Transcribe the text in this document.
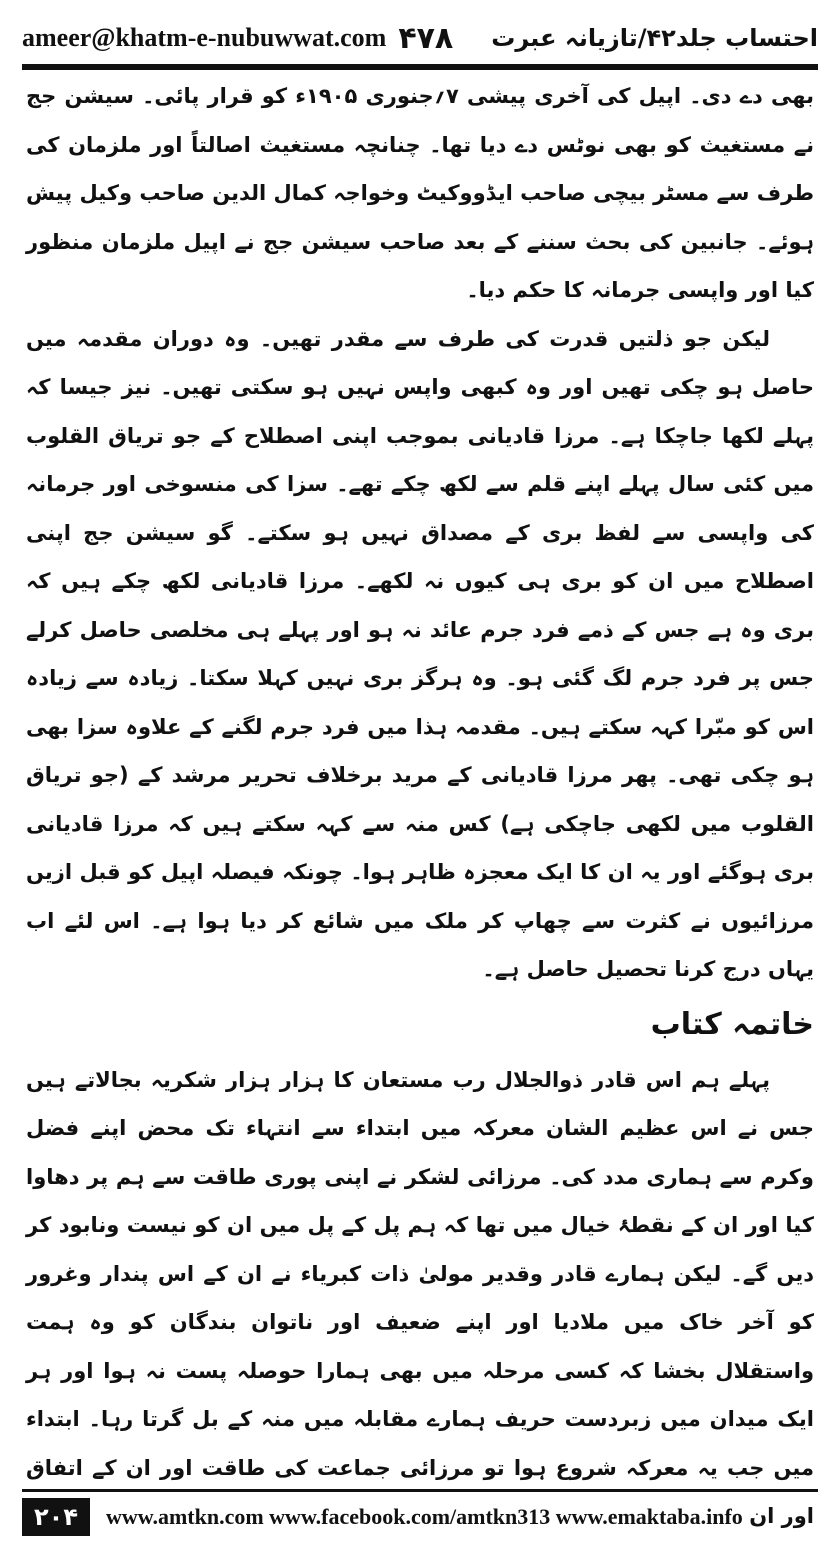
ameer@khatm-e-nubuwwat.com ۴۷۸ احتساب جلد۴۲/تازیانہ عبرت

بھی دے دی۔ اپیل کی آخری پیشی ۷؍جنوری ۱۹۰۵ء کو قرار پائی۔ سیشن جج نے مستغیث کو بھی نوٹس دے دیا تھا۔ چنانچہ مستغیث اصالتاً اور ملزمان کی طرف سے مسٹر بیچی صاحب ایڈووکیٹ وخواجہ کمال الدین صاحب وکیل پیش ہوئے۔ جانبین کی بحث سننے کے بعد صاحب سیشن جج نے اپیل ملزمان منظور کیا اور واپسی جرمانہ کا حکم دیا۔

لیکن جو ذلتیں قدرت کی طرف سے مقدر تھیں۔ وہ دوران مقدمہ میں حاصل ہو چکی تھیں اور وہ کبھی واپس نہیں ہو سکتی تھیں۔ نیز جیسا کہ پہلے لکھا جاچکا ہے۔ مرزا قادیانی بموجب اپنی اصطلاح کے جو تریاق القلوب میں کئی سال پہلے اپنے قلم سے لکھ چکے تھے۔ سزا کی منسوخی اور جرمانہ کی واپسی سے لفظ بری کے مصداق نہیں ہو سکتے۔ گو سیشن جج اپنی اصطلاح میں ان کو بری ہی کیوں نہ لکھے۔ مرزا قادیانی لکھ چکے ہیں کہ بری وہ ہے جس کے ذمے فرد جرم عائد نہ ہو اور پہلے ہی مخلصی حاصل کرلے جس پر فرد جرم لگ گئی ہو۔ وہ ہرگز بری نہیں کہلا سکتا۔ زیادہ سے زیادہ اس کو مبّرا کہہ سکتے ہیں۔ مقدمہ ہذا میں فرد جرم لگنے کے علاوہ سزا بھی ہو چکی تھی۔ پھر مرزا قادیانی کے مرید برخلاف تحریر مرشد کے (جو تریاق القلوب میں لکھی جاچکی ہے) کس منہ سے کہہ سکتے ہیں کہ مرزا قادیانی بری ہوگئے اور یہ ان کا ایک معجزہ ظاہر ہوا۔ چونکہ فیصلہ اپیل کو قبل ازیں مرزائیوں نے کثرت سے چھاپ کر ملک میں شائع کر دیا ہوا ہے۔ اس لئے اب یہاں درج کرنا تحصیل حاصل ہے۔

خاتمہ کتاب

پہلے ہم اس قادر ذوالجلال رب مستعان کا ہزار ہزار شکریہ بجالاتے ہیں جس نے اس عظیم الشان معرکہ میں ابتداء سے انتہاء تک محض اپنے فضل وکرم سے ہماری مدد کی۔ مرزائی لشکر نے اپنی پوری طاقت سے ہم پر دھاوا کیا اور ان کے نقطۂ خیال میں تھا کہ ہم پل کے پل میں ان کو نیست ونابود کر دیں گے۔ لیکن ہمارے قادر وقدیر مولیٰ ذات کبریاء نے ان کے اس پندار وغرور کو آخر خاک میں ملادیا اور اپنے ضعیف اور ناتوان بندگان کو وہ ہمت واستقلال بخشا کہ کسی مرحلہ میں بھی ہمارا حوصلہ پست نہ ہوا اور ہر ایک میدان میں زبردست حریف ہمارے مقابلہ میں منہ کے بل گرتا رہا۔ ابتداء میں جب یہ معرکہ شروع ہوا تو مرزائی جماعت کی طاقت اور ان کے اتفاق اور ان

۲۰۴	www.amtkn.com www.facebook.com/amtkn313 www.emaktaba.info
